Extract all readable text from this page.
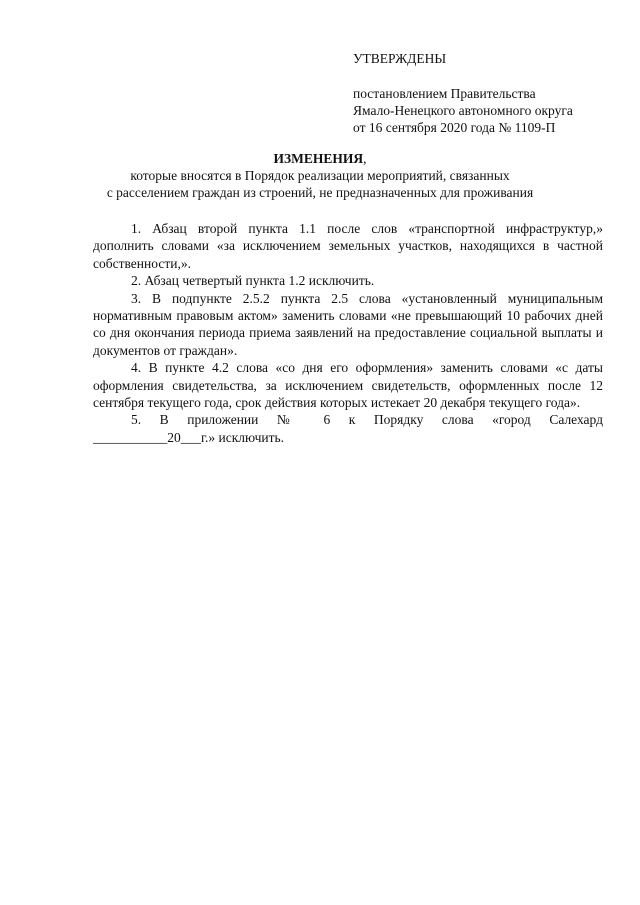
УТВЕРЖДЕНЫ
постановлением Правительства
Ямало-Ненецкого автономного округа
от 16 сентября 2020 года № 1109-П
ИЗМЕНЕНИЯ,
которые вносятся в Порядок реализации мероприятий, связанных
с расселением граждан из строений, не предназначенных для проживания

1. Абзац второй пункта 1.1 после слов «транспортной инфраструктур,» дополнить словами «за исключением земельных участков, находящихся в частной собственности,».

2. Абзац четвертый пункта 1.2 исключить.

3. В подпункте 2.5.2 пункта 2.5 слова «установленный муниципальным нормативным правовым актом» заменить словами «не превышающий 10 рабочих дней со дня окончания периода приема заявлений на предоставление социальной выплаты и документов от граждан».

4. В пункте 4.2 слова «со дня его оформления» заменить словами «с даты оформления свидетельства, за исключением свидетельств, оформленных после 12 сентября текущего года, срок действия которых истекает 20 декабря текущего года».

5. В приложении № 6 к Порядку слова «город Салехард

___________20___г.» исключить.
